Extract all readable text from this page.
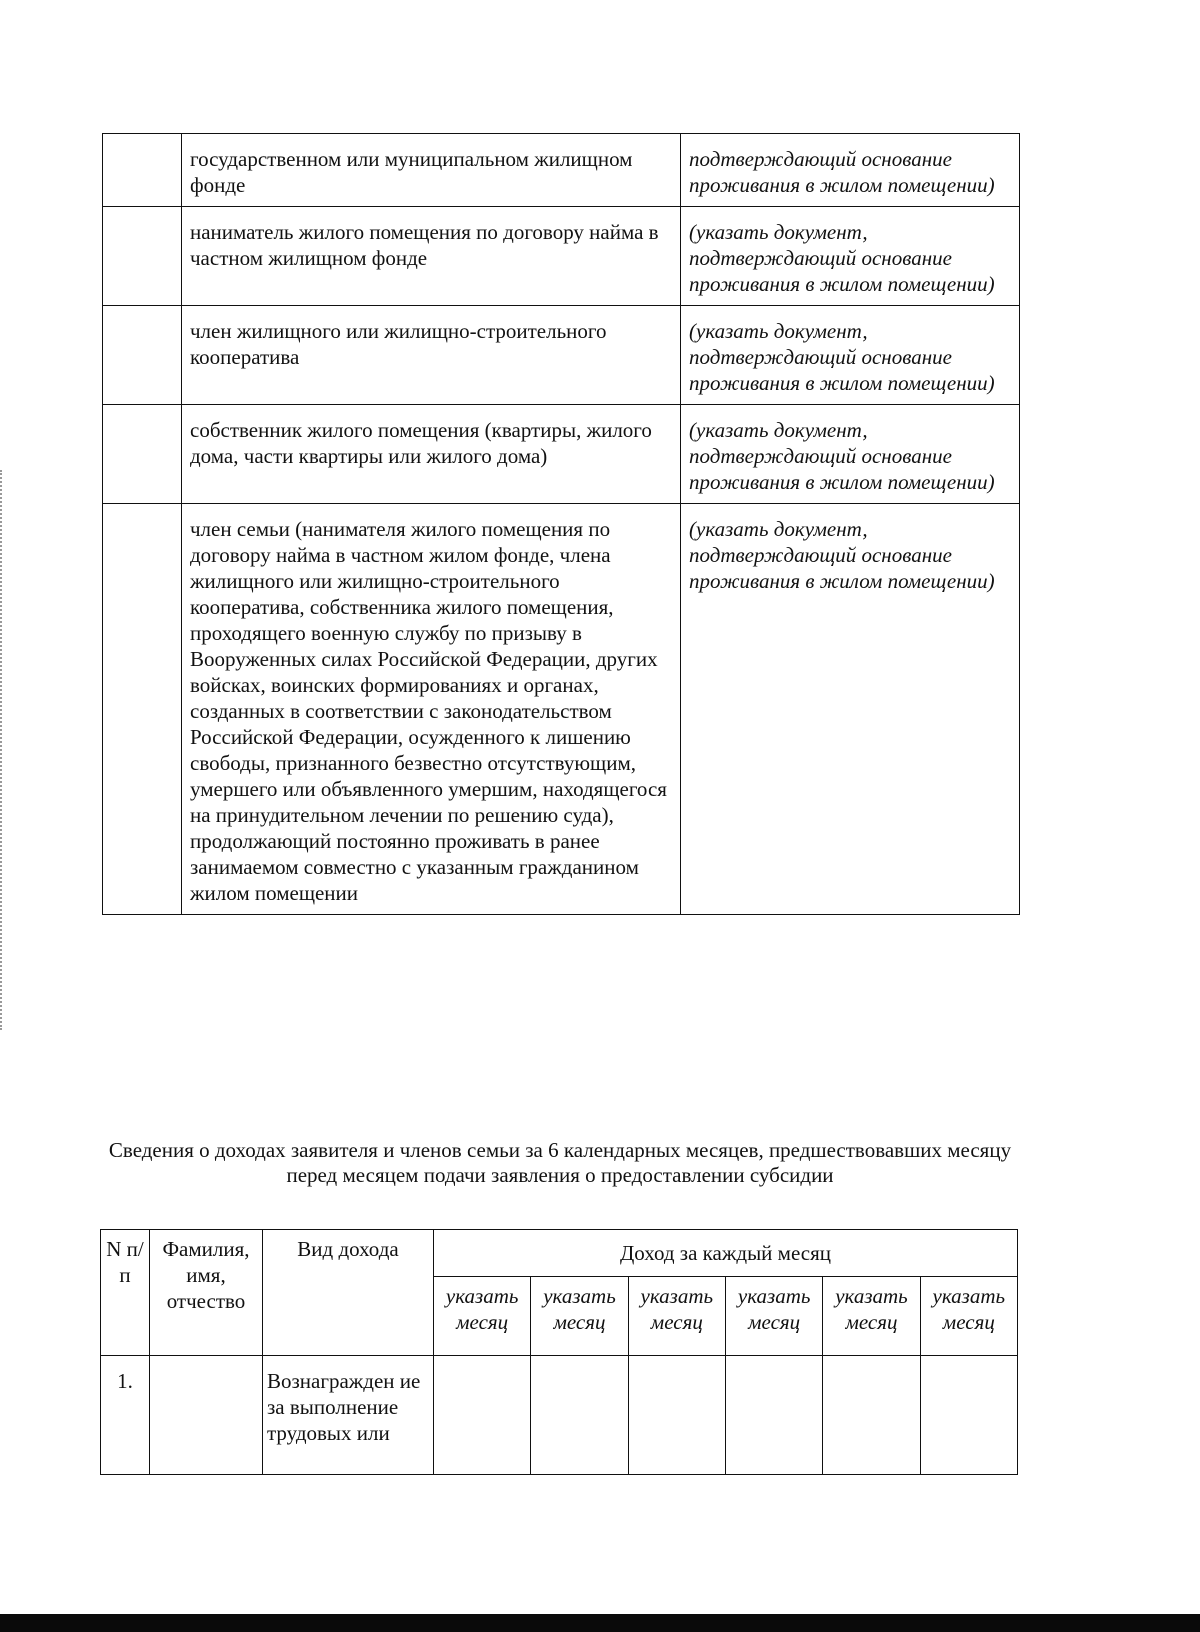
	государственном или муниципальном жилищном фонде	подтверждающий основание проживания в жилом помещении)
	наниматель жилого помещения по договору найма в частном жилищном фонде	(указать документ, подтверждающий основание проживания в жилом помещении)
	член жилищного или жилищно-строительного кооператива	(указать документ, подтверждающий основание проживания в жилом помещении)
	собственник жилого помещения (квартиры, жилого дома, части квартиры или жилого дома)	(указать документ, подтверждающий основание проживания в жилом помещении)
	член семьи (нанимателя жилого помещения по договору найма в частном жилом фонде, члена жилищного или жилищно-строительного кооператива, собственника жилого помещения, проходящего военную службу по призыву в Вооруженных силах Российской Федерации, других войсках, воинских формированиях и органах, созданных в соответствии с законодательством Российской Федерации, осужденного к лишению свободы, признанного безвестно отсутствующим, умершего или объявленного умершим, находящегося на принудительном лечении по решению суда), продолжающий постоянно проживать в ранее занимаемом совместно с указанным гражданином жилом помещении	(указать документ, подтверждающий основание проживания в жилом помещении)
Сведения о доходах заявителя и членов семьи за 6 календарных месяцев, предшествовавших месяцу перед месяцем подачи заявления о предоставлении субсидии
N п/п	Фамилия, имя, отчество	Вид дохода	Доход за каждый месяц					
			указать месяц	указать месяц	указать месяц	указать месяц	указать месяц	указать месяц
1.		Вознагражден ие за выполнение трудовых или						
